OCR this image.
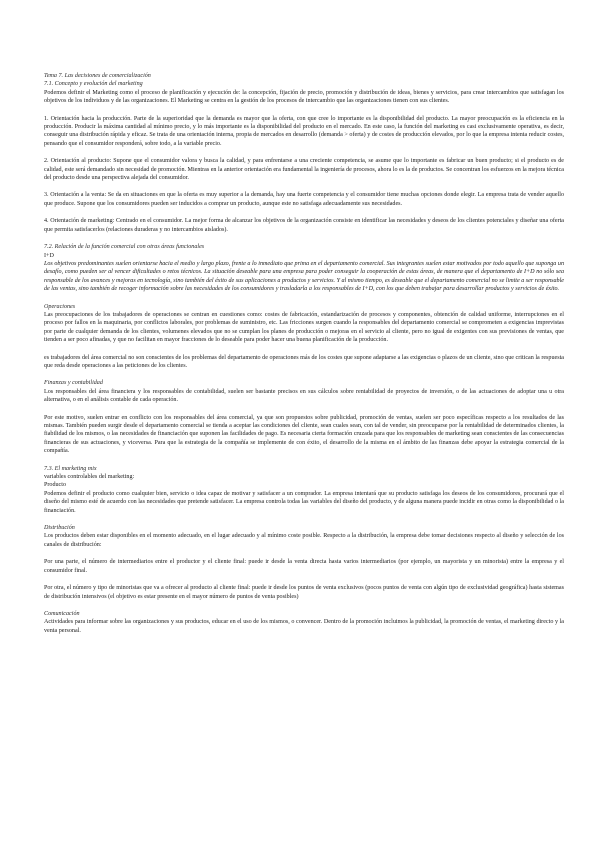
Tema 7. Las decisiones de comercialización
7.1. Concepto y evolución del marketing

Podemos definir el Marketing como el proceso de planificación y ejecución de: la concepción, fijación de precio, promoción y distribución de ideas, bienes y servicios, para crear intercambios que satisfagan los objetivos de los individuos y de las organizaciones. El Marketing se centra en la gestión de los procesos de intercambio que las organizaciones tienen con sus clientes.

1. Orientación hacia la producción. Parte de la superioridad que la demanda es mayor que la oferta, con que cree lo importante es la disponibilidad del producto. La mayor preocupación es la eficiencia en la producción. Producir la máxima cantidad al mínimo precio, y lo más importante es la disponibilidad del producto en el mercado. En este caso, la función del marketing es casi exclusivamente operativa, es decir, conseguir una distribución rápida y eficaz. Se trata de una orientación interna, propia de mercados en desarrollo (demanda > oferta) y de costes de producción elevados, por lo que la empresa intenta reducir costes, pensando que el consumidor responderá, sobre todo, a la variable precio.

2. Orientación al producto: Supone que el consumidor valora y busca la calidad, y para enfrentarse a una creciente competencia, se asume que lo importante es fabricar un buen producto; si el producto es de calidad, este será demandado sin necesidad de promoción. Mientras en la anterior orientación era fundamental la ingeniería de procesos, ahora lo es la de productos. Se concentran los esfuerzos en la mejora técnica del producto desde una perspectiva alejada del consumidor.

3. Orientación a la venta: Se da en situaciones en que la oferta es muy superior a la demanda, hay una fuerte competencia y el consumidor tiene muchas opciones donde elegir. La empresa trata de vender aquello que produce. Supone que los consumidores pueden ser inducidos a comprar un producto, aunque este no satisfaga adecuadamente sus necesidades.

4. Orientación de marketing: Centrado en el consumidor. La mejor forma de alcanzar los objetivos de la organización consiste en identificar las necesidades y deseos de los clientes potenciales y diseñar una oferta que permita satisfacerlos (relaciones duraderas y no intercambios aislados).

7.2. Relación de la función comercial con otras áreas funcionales
I+D

Los objetivos predominantes suelen orientarse hacia el medio y largo plazo, frente a lo inmediato que prima en el departamento comercial. Sus integrantes suelen estar motivados por todo aquello que suponga un desafío, como pueden ser al vencer dificultades o retos técnicos. La situación deseable para una empresa para poder conseguir la cooperación de estas áreas, de manera que el departamento de I+D no sólo sea responsable de los avances y mejoras en tecnología, sino también del éxito de sus aplicaciones a productos y servicios. Y al mismo tiempo, es deseable que el departamento comercial no se limite a ser responsable de las ventas, sino también de recoger información sobre las necesidades de los consumidores y trasladarla a los responsables de I+D, con los que deben trabajar para desarrollar productos y servicios de éxito.

Operaciones

Las preocupaciones de los trabajadores de operaciones se centran en cuestiones como: costes de fabricación, estandarización de procesos y componentes, obtención de calidad uniforme, interrupciones en el proceso por fallos en la maquinaria, por conflictos laborales, por problemas de suministro, etc. Las fricciones surgen cuando la responsables del departamento comercial se comprometen a exigencias imprevistas por parte de cualquier demanda de los clientes, volumenes elevados que no se cumplan los planes de producción o mejoras en el servicio al cliente, pero no igual de exigentes con sus previsiones de ventas, que tienden a ser poco afinadas, y que no facilitan en mayor fracciones de lo deseable para poder hacer una buena planificación de la producción.

es trabajadores del área comercial no son conscientes de los problemas del departamento de operaciones más de los costes que supone adaptarse a las exigencias o plazos de un cliente, sino que critican la respuesta que reda desde operaciones a las peticiones de los clientes.

Finanzas y contabilidad

Los responsables del área financiera y los responsables de contabilidad, suelen ser bastante precisos en sus cálculos sobre rentabilidad de proyectos de inversión, o de las actuaciones de adoptar una u otra alternativa, o en el análisis contable de cada operación.

Por este motivo, suelen entrar en conflicto con los responsables del área comercial, ya que son propuestos sobre publicidad, promoción de ventas, suelen ser poco específicas respecto a los resultados de las mismas. También pueden surgir desde el departamento comercial se tienda a aceptar las condiciones del cliente, sean cuales sean, con tal de vender, sin preocuparse por la rentabilidad de determinados clientes, la fiabilidad de los mismos, o las necesidades de financiación que suponen las facilidades de pago. Es necesaria cierta formación cruzada para que los responsables de marketing sean conscientes de las consecuencias financieras de sus actuaciones, y viceversa. Para que la estrategia de la compañía se implemente de con éxito, el desarrollo de la misma en el ámbito de las finanzas debe apoyar la estrategia comercial de la compañía.

7.3. El marketing mix
variables controlables del marketing:
Producto

Podemos definir el producto como cualquier bien, servicio o idea capaz de motivar y satisfacer a un comprador. La empresa intentará que su producto satisfaga los deseos de los consumidores, procurará que el diseño del mismo esté de acuerdo con las necesidades que pretende satisfacer. La empresa controla todas las variables del diseño del producto, y de alguna manera puede incidir en otras como la disponibilidad o la financiación.

Distribución

Los productos deben estar disponibles en el momento adecuado, en el lugar adecuado y al mínimo coste posible. Respecto a la distribución, la empresa debe tomar decisiones respecto al diseño y selección de los canales de distribución:

Por una parte, el número de intermediarios entre el productor y el cliente final: puede ir desde la venta directa hasta varios intermediarios (por ejemplo, un mayorista y un minorista) entre la empresa y el consumidor final.

Por otra, el número y tipo de minoristas que va a ofrecer al producto al cliente final: puede ir desde los puntos de venta exclusivos (pocos puntos de venta con algún tipo de exclusividad geográfica) hasta sistemas de distribución intensivos (el objetivo es estar presente en el mayor número de puntos de venta posibles)

Comunicación

Actividades para informar sobre las organizaciones y sus productos, educar en el uso de los mismos, o convencer. Dentro de la promoción incluimos la publicidad, la promoción de ventas, el marketing directo y la venta personal.
